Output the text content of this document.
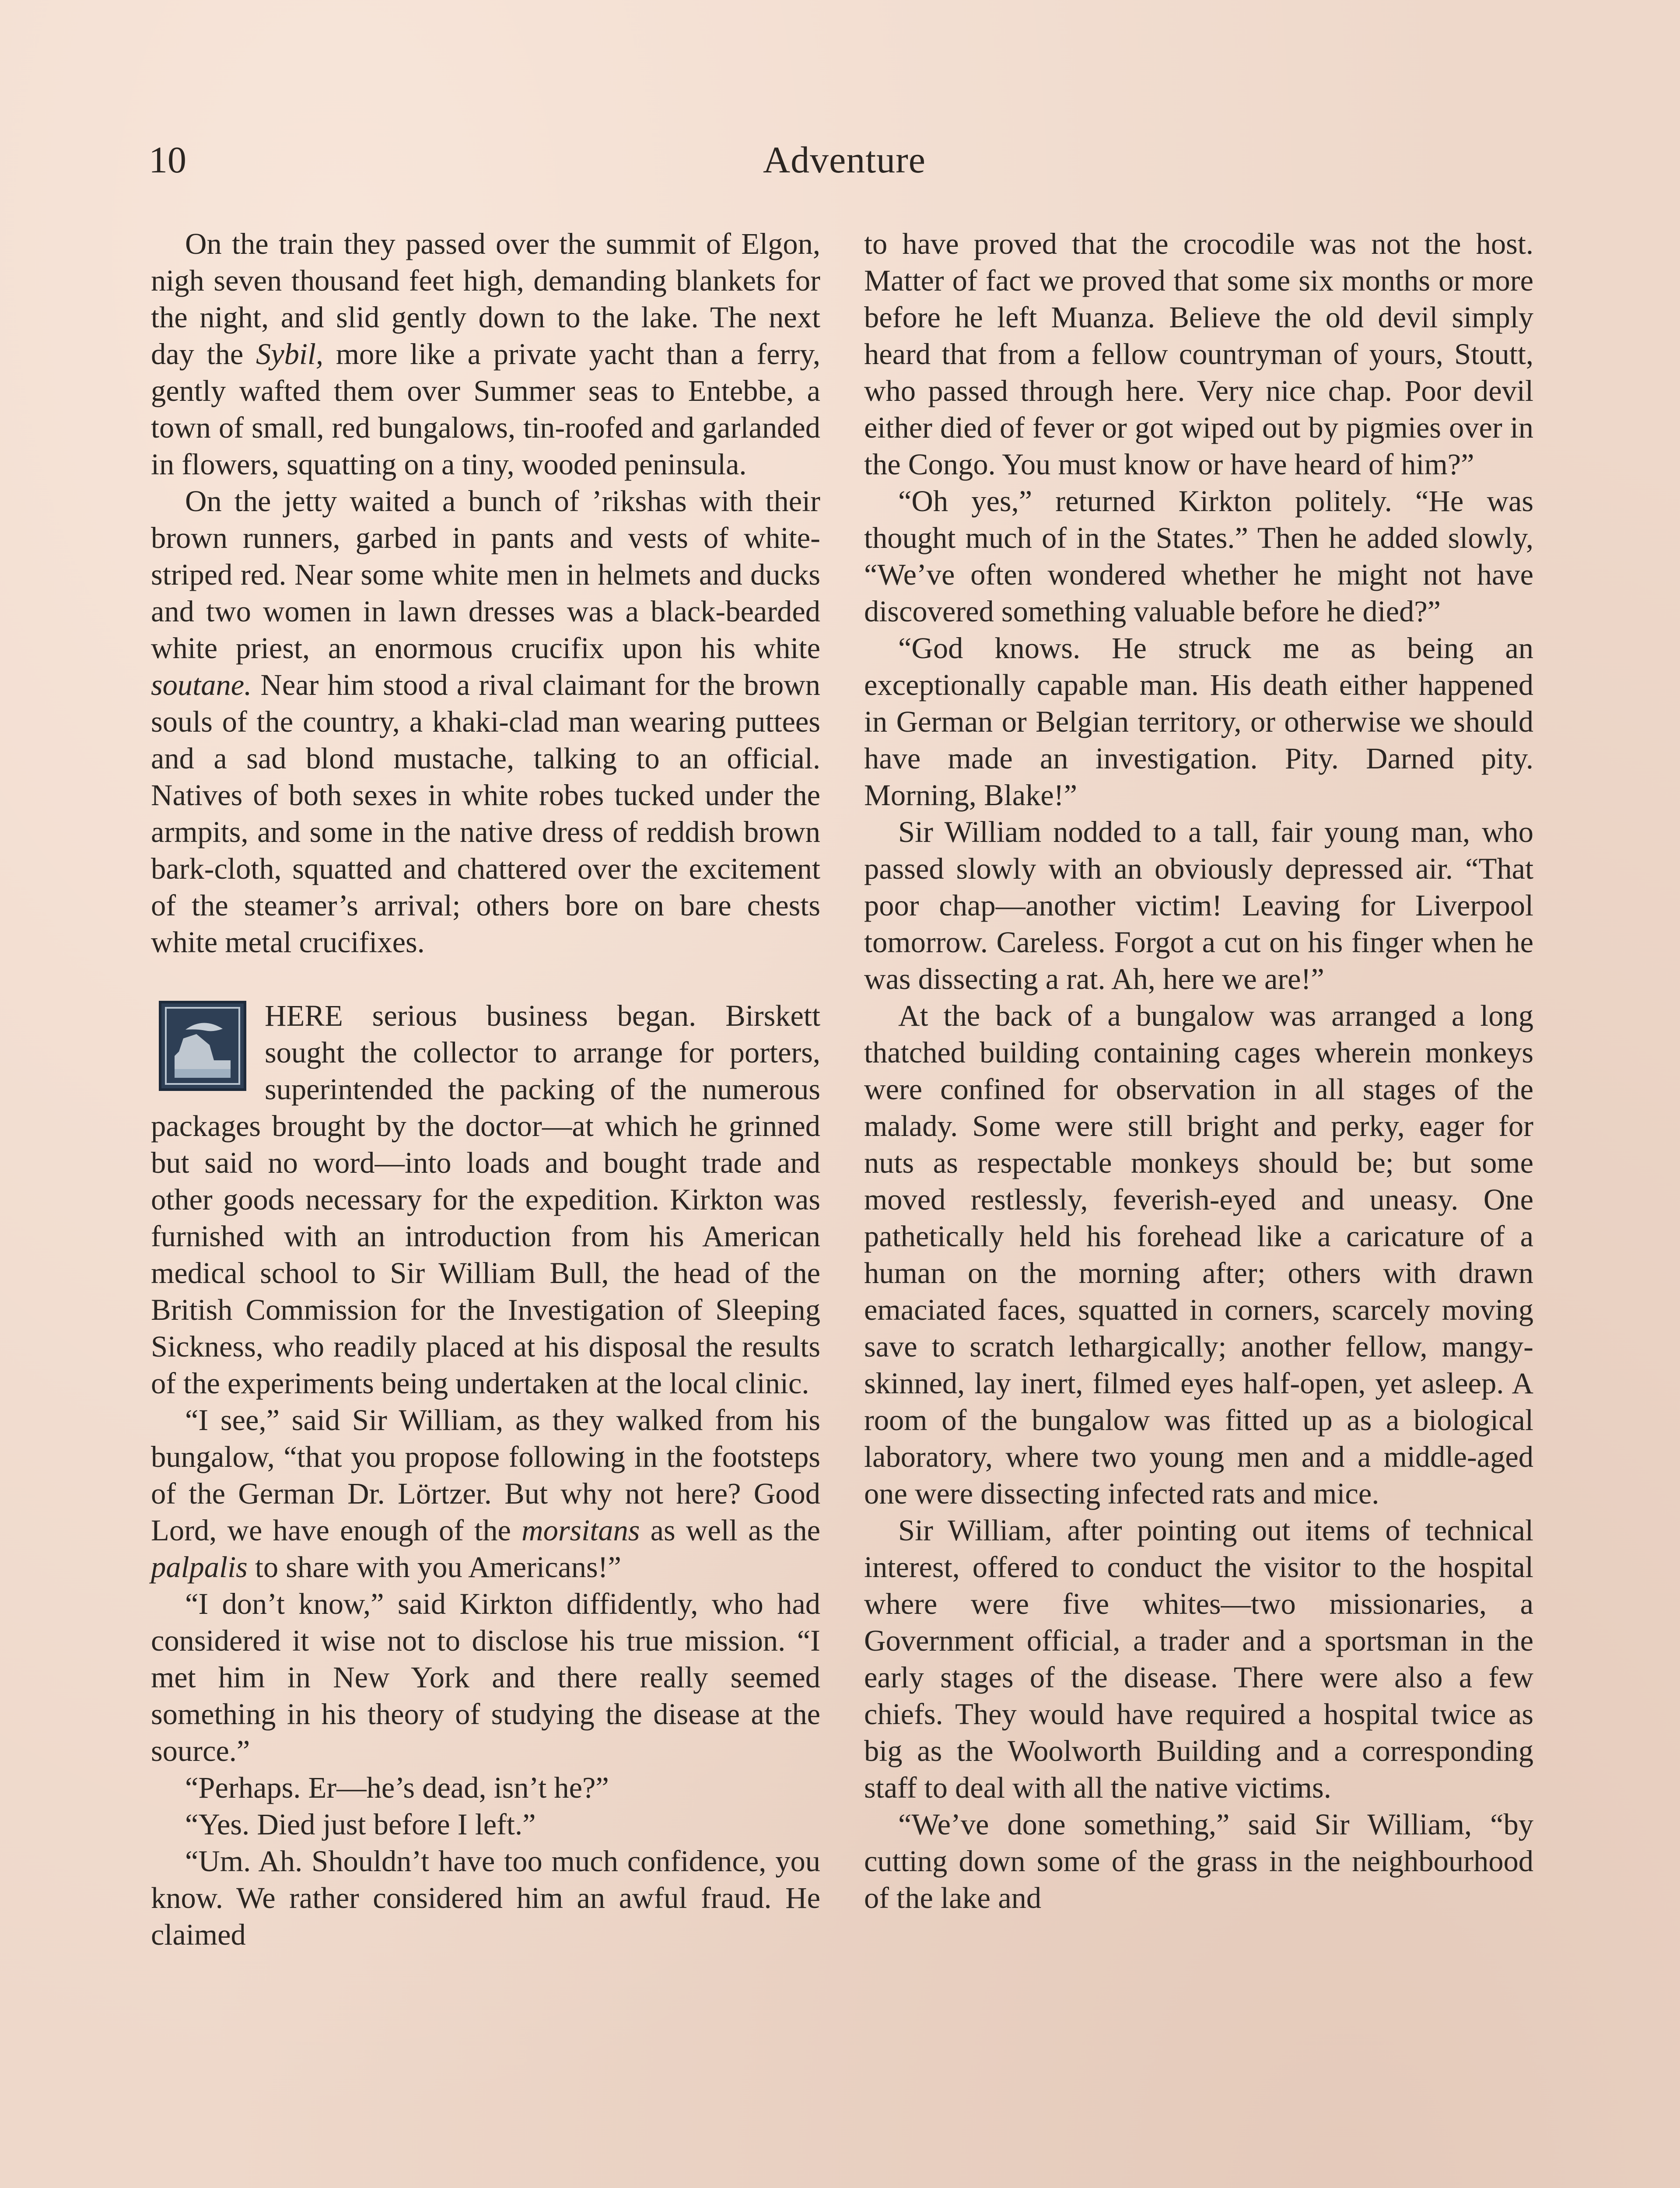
10	Adventure

On the train they passed over the summit of Elgon, nigh seven thousand feet high, demanding blankets for the night, and slid gently down to the lake. The next day the Sybil, more like a private yacht than a ferry, gently wafted them over Summer seas to Entebbe, a town of small, red bungalows, tin-roofed and garlanded in flowers, squatting on a tiny, wooded peninsula.

On the jetty waited a bunch of ’rikshas with their brown runners, garbed in pants and vests of white-striped red. Near some white men in helmets and ducks and two women in lawn dresses was a black-bearded white priest, an enormous crucifix upon his white soutane. Near him stood a rival claimant for the brown souls of the country, a khaki-clad man wearing puttees and a sad blond mustache, talking to an official. Natives of both sexes in white robes tucked under the armpits, and some in the native dress of reddish brown bark-cloth, squatted and chattered over the excitement of the steamer’s arrival; others bore on bare chests white metal crucifixes.

HERE serious business began. Birskett sought the collector to arrange for porters, superintended the packing of the numerous packages brought by the doctor—at which he grinned but said no word—into loads and bought trade and other goods necessary for the expedition. Kirkton was furnished with an introduction from his American medical school to Sir William Bull, the head of the British Commission for the Investigation of Sleeping Sickness, who readily placed at his disposal the results of the experiments being undertaken at the local clinic.

“I see,” said Sir William, as they walked from his bungalow, “that you propose following in the footsteps of the German Dr. Lörtzer. But why not here? Good Lord, we have enough of the morsitans as well as the palpalis to share with you Americans!”

“I don’t know,” said Kirkton diffidently, who had considered it wise not to disclose his true mission. “I met him in New York and there really seemed something in his theory of studying the disease at the source.”

“Perhaps. Er—he’s dead, isn’t he?”

“Yes. Died just before I left.”

“Um. Ah. Shouldn’t have too much confidence, you know. We rather considered him an awful fraud. He claimed

to have proved that the crocodile was not the host. Matter of fact we proved that some six months or more before he left Muanza. Believe the old devil simply heard that from a fellow countryman of yours, Stoutt, who passed through here. Very nice chap. Poor devil either died of fever or got wiped out by pigmies over in the Congo. You must know or have heard of him?”

“Oh yes,” returned Kirkton politely. “He was thought much of in the States.” Then he added slowly, “We’ve often wondered whether he might not have discovered something valuable before he died?”

“God knows. He struck me as being an exceptionally capable man. His death either happened in German or Belgian territory, or otherwise we should have made an investigation. Pity. Darned pity. Morning, Blake!”

Sir William nodded to a tall, fair young man, who passed slowly with an obviously depressed air. “That poor chap—another victim! Leaving for Liverpool tomorrow. Careless. Forgot a cut on his finger when he was dissecting a rat. Ah, here we are!”

At the back of a bungalow was arranged a long thatched building containing cages wherein monkeys were confined for observation in all stages of the malady. Some were still bright and perky, eager for nuts as respectable monkeys should be; but some moved restlessly, feverish-eyed and uneasy. One pathetically held his forehead like a caricature of a human on the morning after; others with drawn emaciated faces, squatted in corners, scarcely moving save to scratch lethargically; another fellow, mangy-skinned, lay inert, filmed eyes half-open, yet asleep. A room of the bungalow was fitted up as a biological laboratory, where two young men and a middle-aged one were dissecting infected rats and mice.

Sir William, after pointing out items of technical interest, offered to conduct the visitor to the hospital where were five whites—two missionaries, a Government official, a trader and a sportsman in the early stages of the disease. There were also a few chiefs. They would have required a hospital twice as big as the Woolworth Building and a corresponding staff to deal with all the native victims.

“We’ve done something,” said Sir William, “by cutting down some of the grass in the neighbourhood of the lake and
